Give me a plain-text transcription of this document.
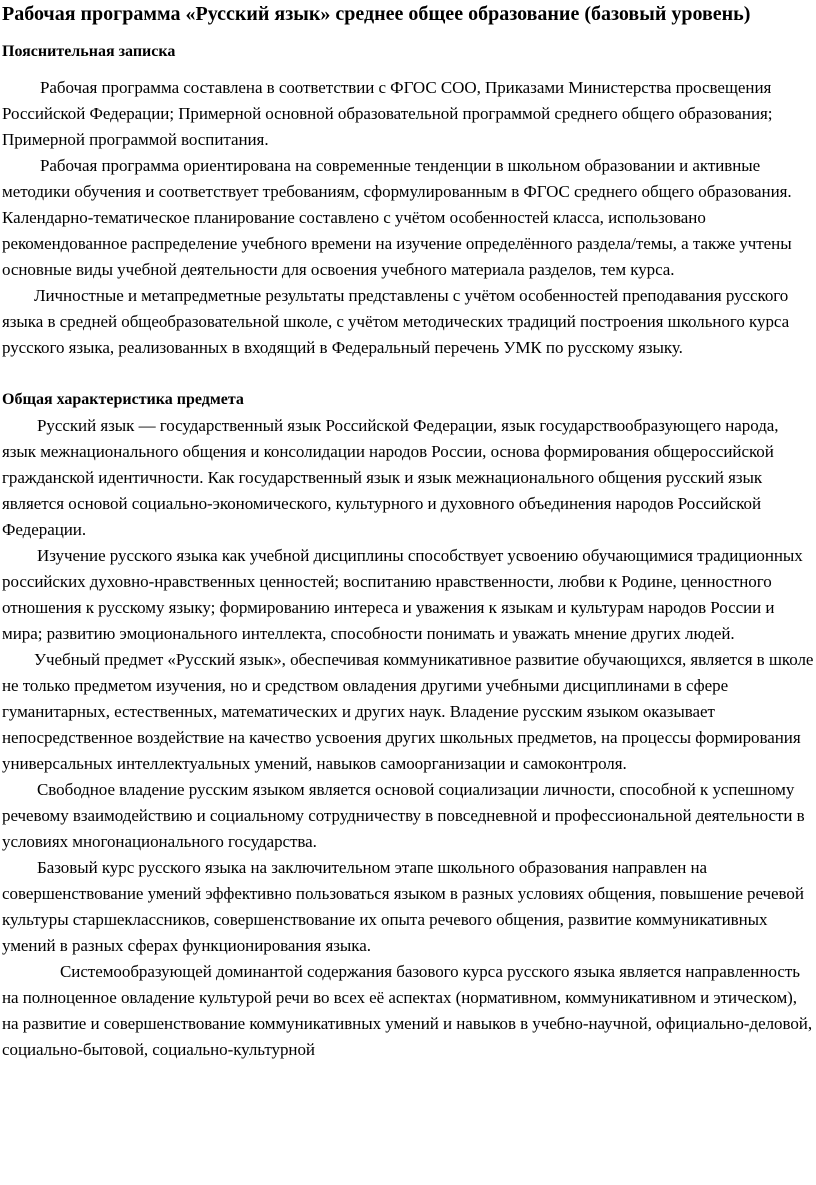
Рабочая программа «Русский язык» среднее общее образование (базовый уровень)
Пояснительная записка

Рабочая программа составлена в соответствии с ФГОС СОО, Приказами Министерства просвещения Российской Федерации; Примерной основной образовательной программой среднего общего образования; Примерной программой воспитания.

Рабочая программа ориентирована на современные тенденции в школьном образовании и активные методики обучения и соответствует требованиям, сформулированным в ФГОС среднего общего образования. Календарно-тематическое планирование составлено с учётом особенностей класса, использовано рекомендованное распределение учебного времени на изучение определённого раздела/темы, а также учтены основные виды учебной деятельности для освоения учебного материала разделов, тем курса.

Личностные и метапредметные результаты представлены с учётом особенностей преподавания русского языка в средней общеобразовательной школе, с учётом методических традиций построения школьного курса русского языка, реализованных в входящий в Федеральный перечень УМК по русскому языку.

Общая характеристика предмета

Русский язык — государственный язык Российской Федерации, язык государствообразующего народа, язык межнационального общения и консолидации народов России, основа формирования общероссийской гражданской идентичности. Как государственный язык и язык межнационального общения русский язык является основой социально-экономического, культурного и духовного объединения народов Российской Федерации.

Изучение русского языка как учебной дисциплины способствует усвоению обучающимися традиционных российских духовно-нравственных ценностей; воспитанию нравственности, любви к Родине, ценностного отношения к русскому языку; формированию интереса и уважения к языкам и культурам народов России и мира; развитию эмоционального интеллекта, способности понимать и уважать мнение других людей.

Учебный предмет «Русский язык», обеспечивая коммуникативное развитие обучающихся, является в школе не только предметом изучения, но и средством овладения другими учебными дисциплинами в сфере гуманитарных, естественных, математических и других наук. Владение русским языком оказывает непосредственное воздействие на качество усвоения других школьных предметов, на процессы формирования универсальных интеллектуальных умений, навыков самоорганизации и самоконтроля.

Свободное владение русским языком является основой социализации личности, способной к успешному речевому взаимодействию и социальному сотрудничеству в повседневной и профессиональной деятельности в условиях многонационального государства.

Базовый курс русского языка на заключительном этапе школьного образования направлен на совершенствование умений эффективно пользоваться языком в разных условиях общения, повышение речевой культуры старшеклассников, совершенствование их опыта речевого общения, развитие коммуникативных умений в разных сферах функционирования языка.

Системообразующей доминантой содержания базового курса русского языка является направленность на полноценное овладение культурой речи во всех её аспектах (нормативном, коммуникативном и этическом), на развитие и совершенствование коммуникативных умений и навыков в учебно-научной, официально-деловой, социально-бытовой, социально-культурной
